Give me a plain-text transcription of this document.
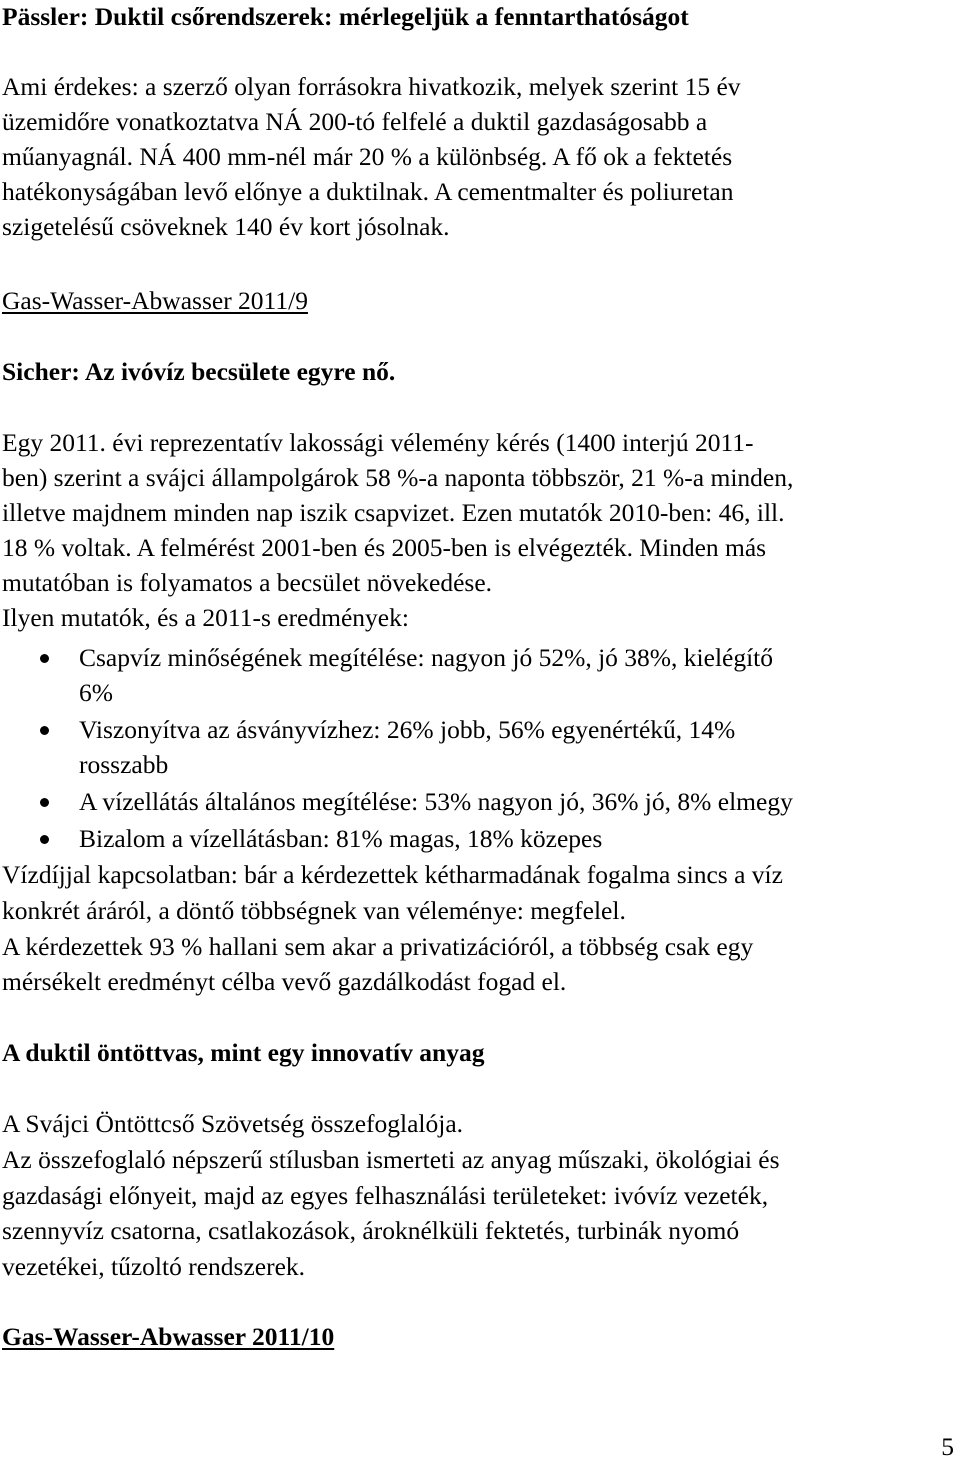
Pässler: Duktil csőrendszerek: mérlegeljük a fenntarthatóságot
Ami érdekes: a szerző olyan forrásokra hivatkozik, melyek szerint 15 év
üzemidőre vonatkoztatva NÁ 200-tó felfelé a duktil gazdaságosabb a
műanyagnál. NÁ 400 mm-nél már 20 % a különbség. A fő ok a fektetés
hatékonyságában levő előnye a duktilnak. A cementmalter és poliuretan
szigetelésű csöveknek 140 év kort jósolnak.
Gas-Wasser-Abwasser 2011/9
Sicher: Az ivóvíz becsülete egyre nő.
Egy 2011. évi reprezentatív lakossági vélemény kérés (1400 interjú 2011-
ben) szerint a svájci állampolgárok 58 %-a naponta többször, 21 %-a minden,
illetve majdnem minden nap iszik csapvizet. Ezen mutatók 2010-ben: 46, ill.
18 % voltak. A felmérést 2001-ben és 2005-ben is elvégezték. Minden más
mutatóban is folyamatos a becsület növekedése.
Ilyen mutatók, és a 2011-s eredmények:
Csapvíz minőségének megítélése: nagyon jó 52%, jó 38%, kielégítő
6%
Viszonyítva az ásványvízhez: 26% jobb, 56% egyenértékű, 14%
rosszabb
A vízellátás általános megítélése: 53% nagyon jó, 36% jó, 8% elmegy
Bizalom a vízellátásban: 81% magas, 18% közepes
Vízdíjjal kapcsolatban: bár a kérdezettek kétharmadának fogalma sincs a víz
konkrét áráról, a döntő többségnek van véleménye: megfelel.
A kérdezettek 93 % hallani sem akar a privatizációról, a többség csak egy
mérsékelt eredményt célba vevő gazdálkodást fogad el.
A duktil öntöttvas, mint egy innovatív anyag
A Svájci Öntöttcső Szövetség összefoglalója.
Az összefoglaló népszerű stílusban ismerteti az anyag műszaki, ökológiai és
gazdasági előnyeit, majd az egyes felhasználási területeket: ivóvíz vezeték,
szennyvíz csatorna, csatlakozások, ároknélküli fektetés, turbinák nyomó
vezetékei, tűzoltó rendszerek.
Gas-Wasser-Abwasser 2011/10
5
